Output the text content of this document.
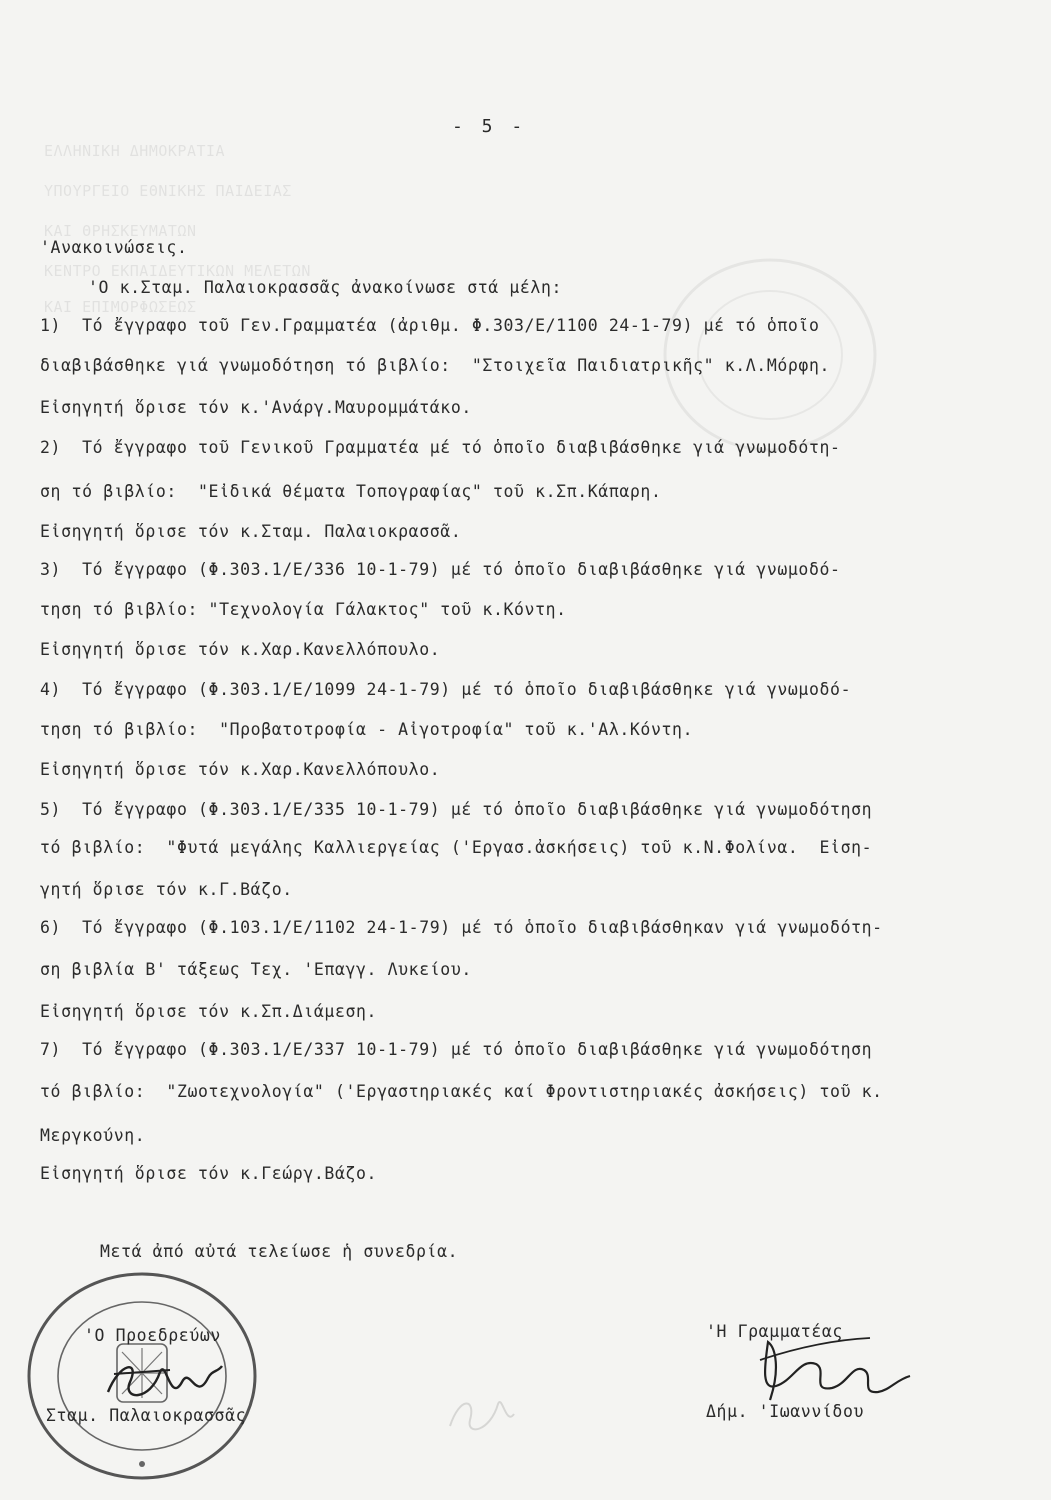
ΕΛΛΗΝΙΚΗ ΔΗΜΟΚΡΑΤΙΑ
ΥΠΟΥΡΓΕΙΟ ΕΘΝΙΚΗΣ ΠΑΙΔΕΙΑΣ
ΚΑΙ ΘΡΗΣΚΕΥΜΑΤΩΝ
ΚΕΝΤΡΟ ΕΚΠΑΙΔΕΥΤΙΚΩΝ ΜΕΛΕΤΩΝ
ΚΑΙ ΕΠΙΜΟΡΦΩΣΕΩΣ
- 5 -
'Ανακοινώσεις.
'Ο κ.Σταμ. Παλαιοκρασσᾶς ἀνακοίνωσε στά μέλη:
1)  Τό ἔγγραφο τοῦ Γεν.Γραμματέα (ἀριθμ. Φ.303/Ε/1100 24-1-79) μέ τό ὁποῖο
διαβιβάσθηκε γιά γνωμοδότηση τό βιβλίο:  "Στοιχεῖα Παιδιατρικῆς" κ.Λ.Μόρφη.
Εἰσηγητή ὅρισε τόν κ.'Ανάργ.Μαυρομμάτάκο.
2)  Τό ἔγγραφο τοῦ Γενικοῦ Γραμματέα μέ τό ὁποῖο διαβιβάσθηκε γιά γνωμοδότη-
ση τό βιβλίο:  "Εἰδικά θέματα Τοπογραφίας" τοῦ κ.Σπ.Κάπαρη.
Εἰσηγητή ὅρισε τόν κ.Σταμ. Παλαιοκρασσᾶ.
3)  Τό ἔγγραφο (Φ.303.1/Ε/336 10-1-79) μέ τό ὁποῖο διαβιβάσθηκε γιά γνωμοδό-
τηση τό βιβλίο: "Τεχνολογία Γάλακτος" τοῦ κ.Κόντη.
Εἰσηγητή ὅρισε τόν κ.Χαρ.Κανελλόπουλο.
4)  Τό ἔγγραφο (Φ.303.1/Ε/1099 24-1-79) μέ τό ὁποῖο διαβιβάσθηκε γιά γνωμοδό-
τηση τό βιβλίο:  "Προβατοτροφία - Αἰγοτροφία" τοῦ κ.'Αλ.Κόντη.
Εἰσηγητή ὅρισε τόν κ.Χαρ.Κανελλόπουλο.
5)  Τό ἔγγραφο (Φ.303.1/Ε/335 10-1-79) μέ τό ὁποῖο διαβιβάσθηκε γιά γνωμοδότηση
τό βιβλίο:  "Φυτά μεγάλης Καλλιεργείας ('Εργασ.ἀσκήσεις) τοῦ κ.Ν.Φολίνα.  Εἰση-
γητή ὅρισε τόν κ.Γ.Βάζο.
6)  Τό ἔγγραφο (Φ.103.1/Ε/1102 24-1-79) μέ τό ὁποῖο διαβιβάσθηκαν γιά γνωμοδότη-
ση βιβλία Β' τάξεως Τεχ. 'Επαγγ. Λυκείου.
Εἰσηγητή ὅρισε τόν κ.Σπ.Διάμεση.
7)  Τό ἔγγραφο (Φ.303.1/Ε/337 10-1-79) μέ τό ὁποῖο διαβιβάσθηκε γιά γνωμοδότηση
τό βιβλίο:  "Ζωοτεχνολογία" ('Εργαστηριακές καί Φροντιστηριακές ἀσκήσεις) τοῦ κ.
Μεργκούνη.
Εἰσηγητή ὅρισε τόν κ.Γεώργ.Βάζο.
Μετά ἀπό αὐτά τελείωσε ἡ συνεδρία.
'Ο Προεδρεύων
Σταμ. Παλαιοκρασσᾶς
'Η Γραμματέας
Δήμ. 'Ιωαννίδου
